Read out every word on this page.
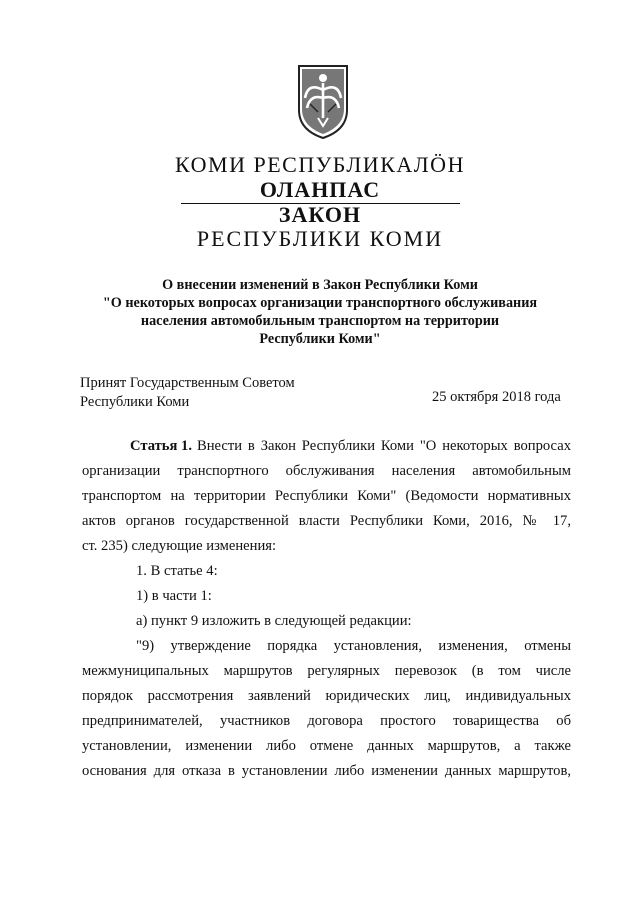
КОМИ РЕСПУБЛИКАЛӦН
ОЛАНПАС
ЗАКОН
РЕСПУБЛИКИ КОМИ
О внесении изменений в Закон Республики Коми
"О некоторых вопросах организации транспортного обслуживания
населения автомобильным транспортом на территории
Республики Коми"
Принят Государственным Советом
Республики Коми	25 октября 2018 года
Статья 1. Внести в Закон Республики Коми "О некоторых вопросах
организации транспортного обслуживания населения автомобильным
транспортом на территории Республики Коми" (Ведомости нормативных
актов органов государственной власти Республики Коми, 2016, № 17,
ст. 235) следующие изменения:
1. В статье 4:
1) в части 1:
а) пункт 9 изложить в следующей редакции:
"9) утверждение порядка установления, изменения, отмены
межмуниципальных маршрутов регулярных перевозок (в том числе
порядок рассмотрения заявлений юридических лиц, индивидуальных
предпринимателей, участников договора простого товарищества об
установлении, изменении либо отмене данных маршрутов, а также
основания для отказа в установлении либо изменении данных маршрутов,
